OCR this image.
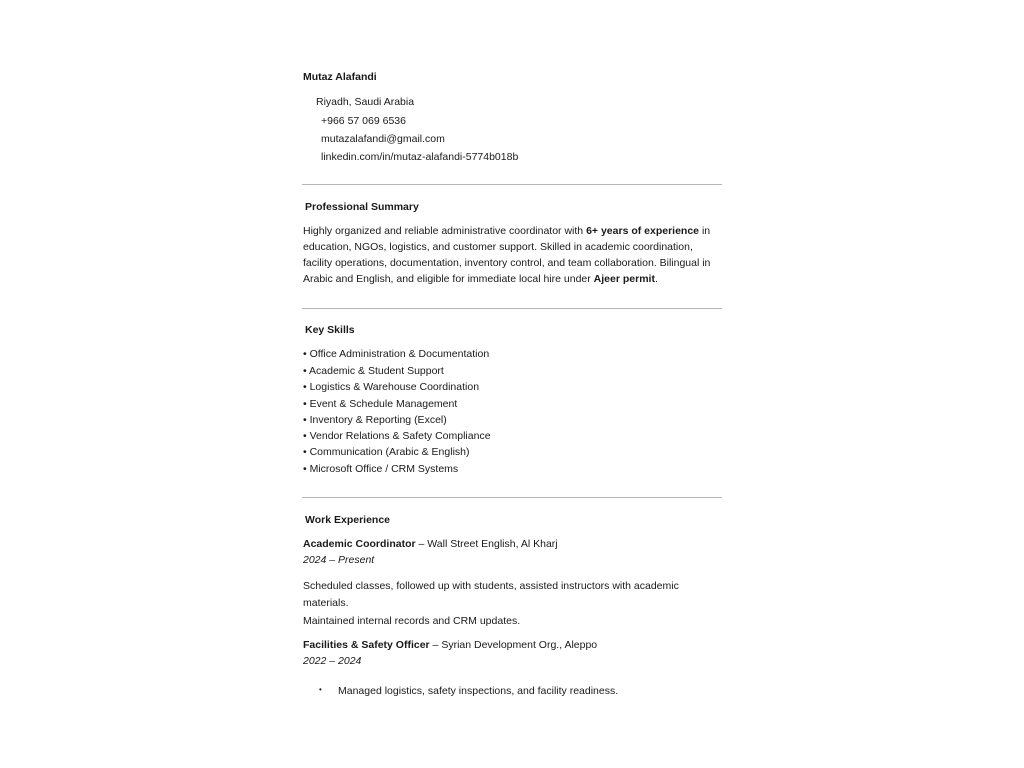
Mutaz Alafandi
Riyadh, Saudi Arabia
+966 57 069 6536
mutazalafandi@gmail.com
linkedin.com/in/mutaz-alafandi-5774b018b
Professional Summary
Highly organized and reliable administrative coordinator with 6+ years of experience in education, NGOs, logistics, and customer support. Skilled in academic coordination, facility operations, documentation, inventory control, and team collaboration. Bilingual in Arabic and English, and eligible for immediate local hire under Ajeer permit.
Key Skills
• Office Administration & Documentation
• Academic & Student Support
• Logistics & Warehouse Coordination
• Event & Schedule Management
• Inventory & Reporting (Excel)
• Vendor Relations & Safety Compliance
• Communication (Arabic & English)
• Microsoft Office / CRM Systems
Work Experience
Academic Coordinator – Wall Street English, Al Kharj
2024 – Present
Scheduled classes, followed up with students, assisted instructors with academic materials.
Maintained internal records and CRM updates.
Facilities & Safety Officer – Syrian Development Org., Aleppo
2022 – 2024
• Managed logistics, safety inspections, and facility readiness.
